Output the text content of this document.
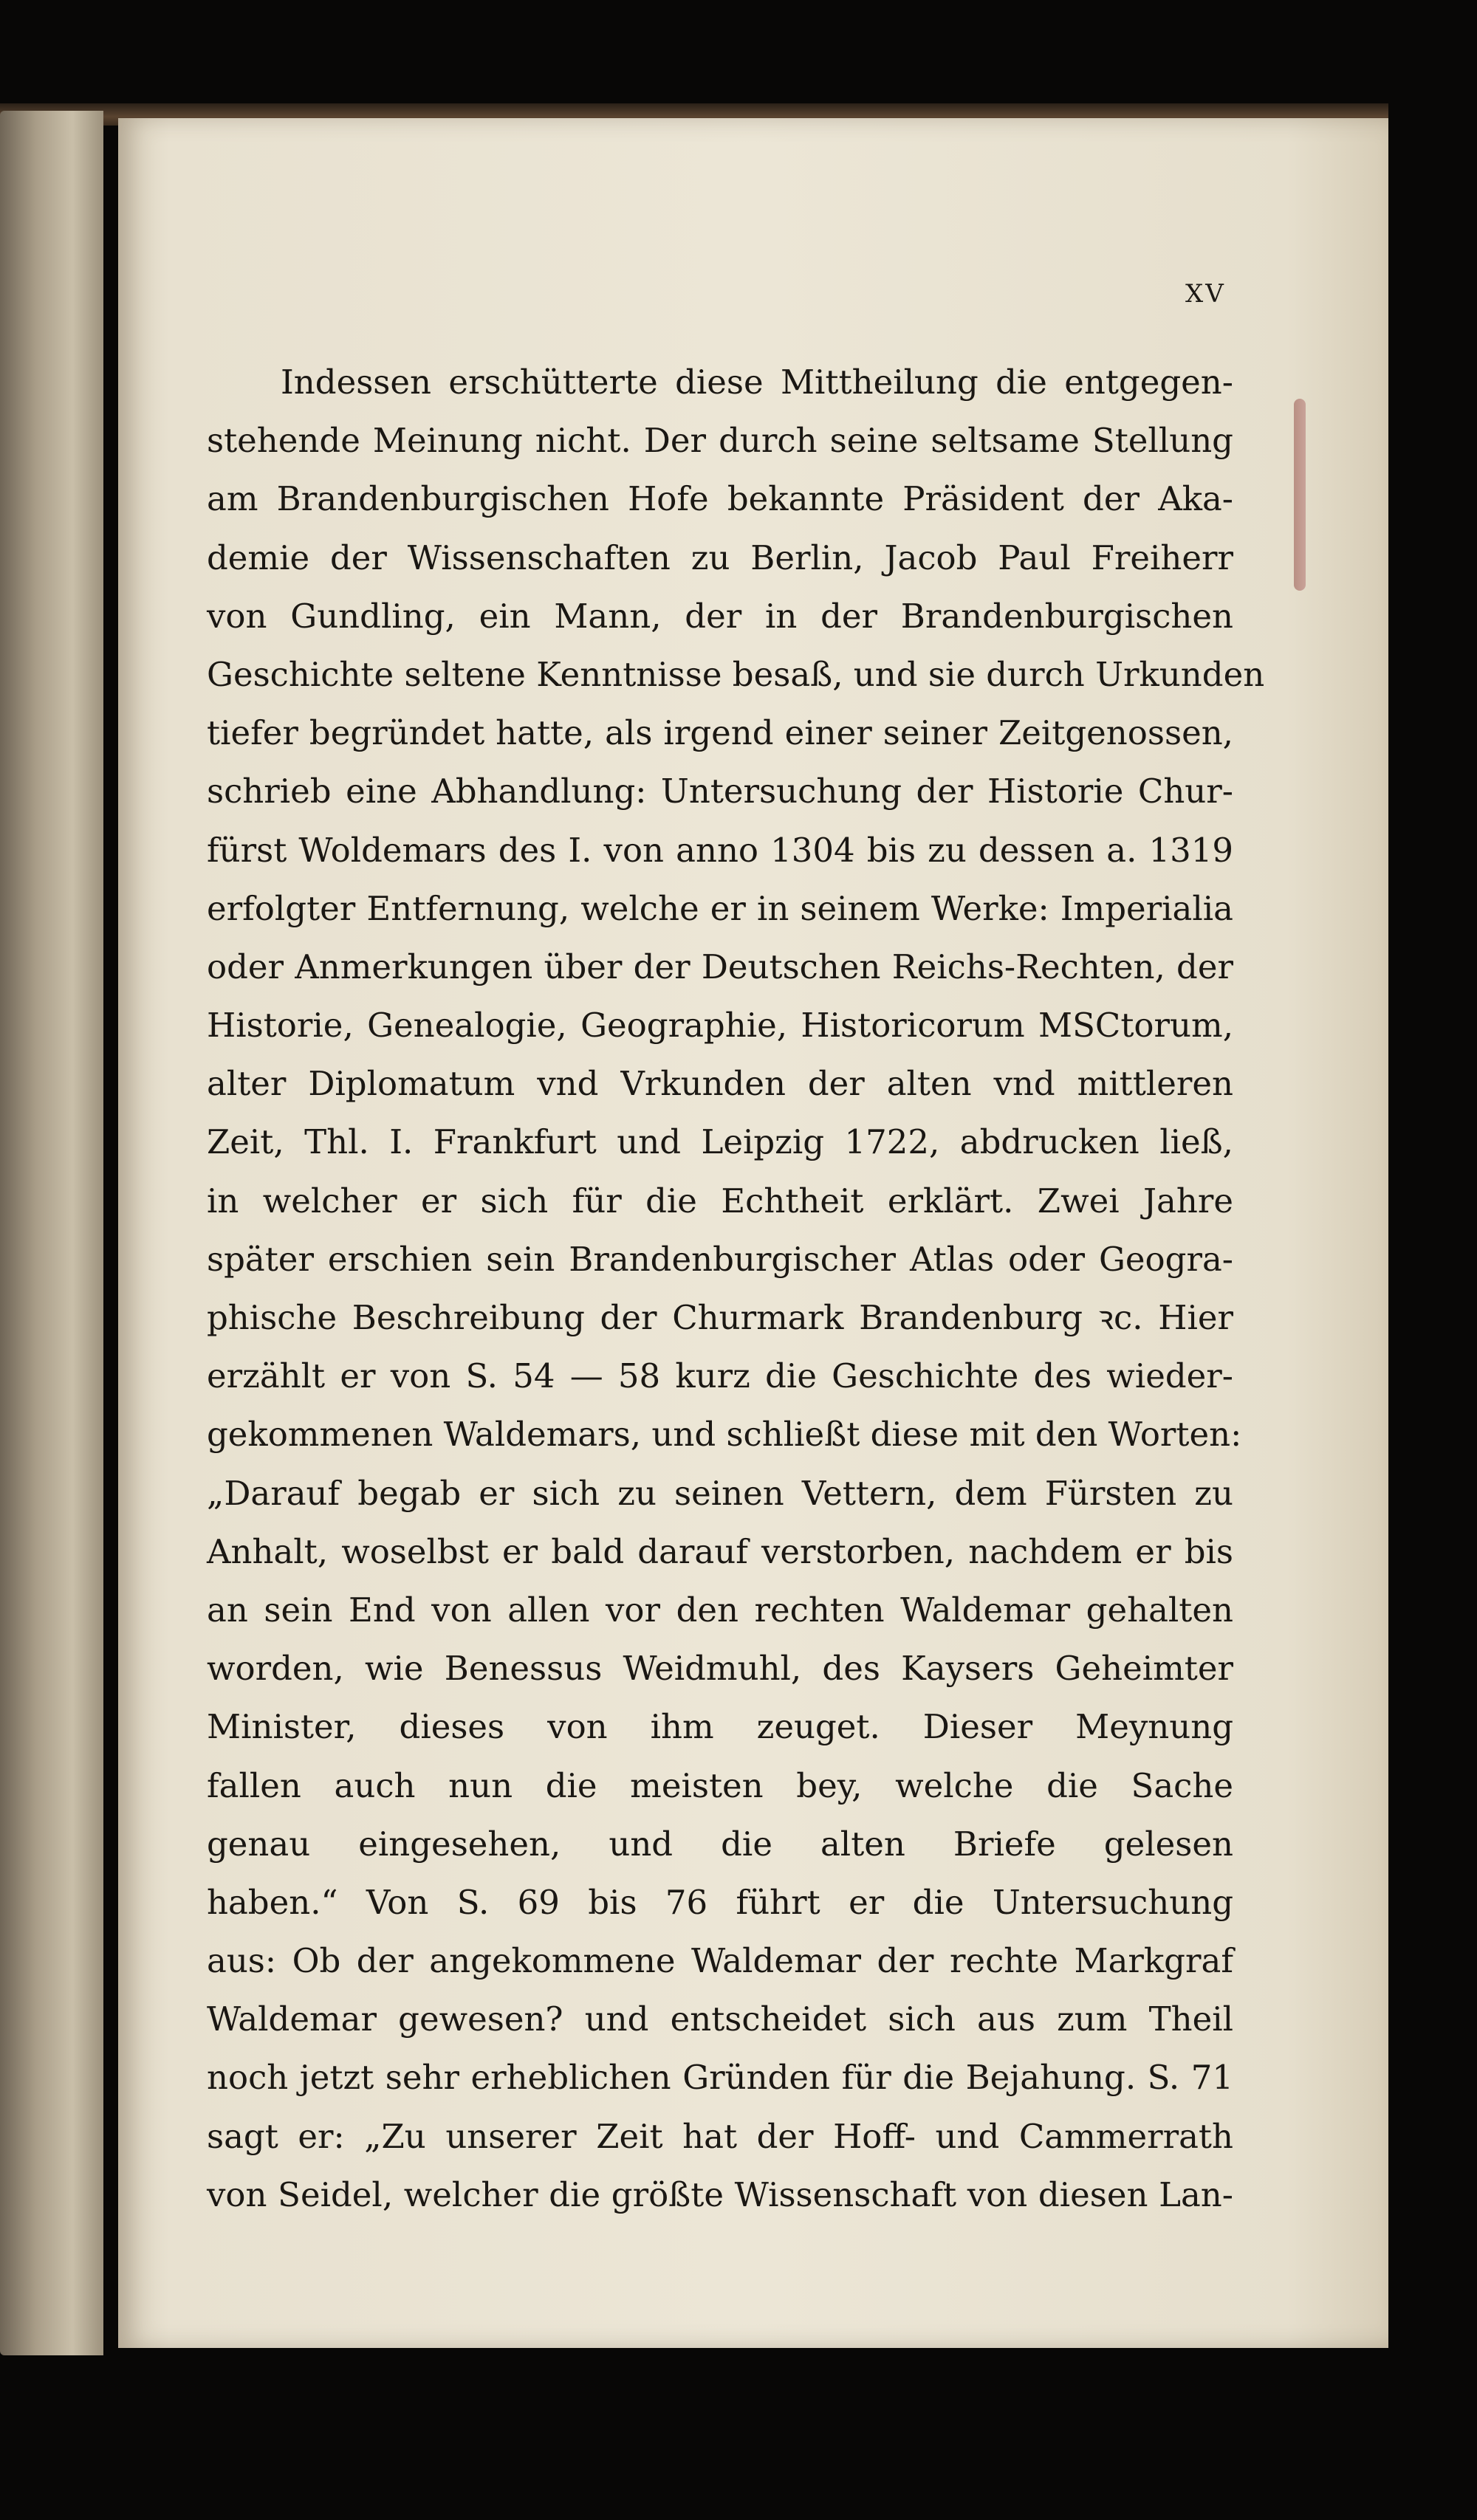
XV
Indessen erschütterte diese Mittheilung die entgegen-
stehende Meinung nicht. Der durch seine seltsame Stellung
am Brandenburgischen Hofe bekannte Präsident der Aka-
demie der Wissenschaften zu Berlin, Jacob Paul Freiherr
von Gundling, ein Mann, der in der Brandenburgischen
Geschichte seltene Kenntnisse besaß, und sie durch Urkunden
tiefer begründet hatte, als irgend einer seiner Zeitgenossen,
schrieb eine Abhandlung: Untersuchung der Historie Chur-
fürst Woldemars des I. von anno 1304 bis zu dessen a. 1319
erfolgter Entfernung, welche er in seinem Werke: Imperialia
oder Anmerkungen über der Deutschen Reichs-Rechten, der
Historie, Genealogie, Geographie, Historicorum MSCtorum,
alter Diplomatum vnd Vrkunden der alten vnd mittleren
Zeit, Thl. I. Frankfurt und Leipzig 1722, abdrucken ließ,
in welcher er sich für die Echtheit erklärt. Zwei Jahre
später erschien sein Brandenburgischer Atlas oder Geogra-
phische Beschreibung der Churmark Brandenburg ꝛc. Hier
erzählt er von S. 54 — 58 kurz die Geschichte des wieder-
gekommenen Waldemars, und schließt diese mit den Worten:
„Darauf begab er sich zu seinen Vettern, dem Fürsten zu
Anhalt, woselbst er bald darauf verstorben, nachdem er bis
an sein End von allen vor den rechten Waldemar gehalten
worden, wie Benessus Weidmuhl, des Kaysers Geheimter
Minister, dieses von ihm zeuget. Dieser Meynung
fallen auch nun die meisten bey, welche die Sache
genau eingesehen, und die alten Briefe gelesen
haben.“ Von S. 69 bis 76 führt er die Untersuchung
aus: Ob der angekommene Waldemar der rechte Markgraf
Waldemar gewesen? und entscheidet sich aus zum Theil
noch jetzt sehr erheblichen Gründen für die Bejahung. S. 71
sagt er: „Zu unserer Zeit hat der Hoff- und Cammerrath
von Seidel, welcher die größte Wissenschaft von diesen Lan-
